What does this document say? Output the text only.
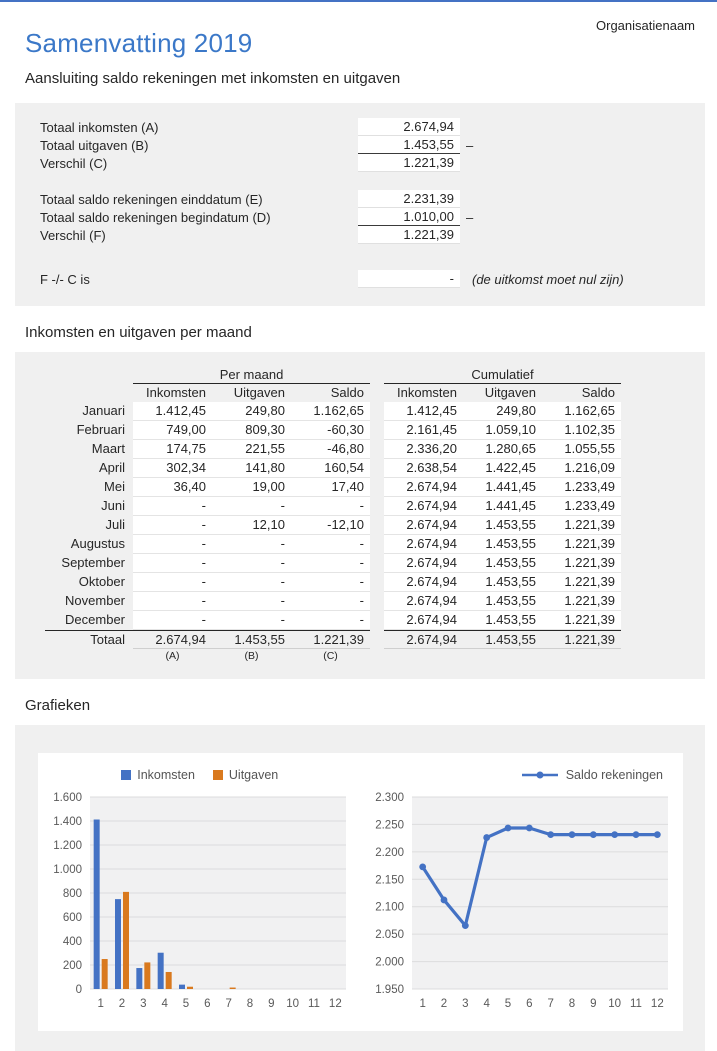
Organisatienaam
Samenvatting 2019
Aansluiting saldo rekeningen met inkomsten en uitgaven
Totaal inkomsten (A)	2.674,94
Totaal uitgaven (B)	1.453,55 –
Verschil (C)	1.221,39
Totaal saldo rekeningen einddatum (E)	2.231,39
Totaal saldo rekeningen begindatum (D)	1.010,00 –
Verschil (F)	1.221,39
F -/- C is	-	(de uitkomst moet nul zijn)
Inkomsten en uitgaven per maand
Per maand	Cumulatief
Inkomsten	Uitgaven	Saldo	Inkomsten	Uitgaven	Saldo
Januari	1.412,45	249,80	1.162,65	1.412,45	249,80	1.162,65
Februari	749,00	809,30	-60,30	2.161,45	1.059,10	1.102,35
Maart	174,75	221,55	-46,80	2.336,20	1.280,65	1.055,55
April	302,34	141,80	160,54	2.638,54	1.422,45	1.216,09
Mei	36,40	19,00	17,40	2.674,94	1.441,45	1.233,49
Juni	-	-	-	2.674,94	1.441,45	1.233,49
Juli	-	12,10	-12,10	2.674,94	1.453,55	1.221,39
Augustus	-	-	-	2.674,94	1.453,55	1.221,39
September	-	-	-	2.674,94	1.453,55	1.221,39
Oktober	-	-	-	2.674,94	1.453,55	1.221,39
November	-	-	-	2.674,94	1.453,55	1.221,39
December	-	-	-	2.674,94	1.453,55	1.221,39
Totaal	2.674,94	1.453,55	1.221,39	2.674,94	1.453,55	1.221,39
(A)	(B)	(C)
Grafieken
Inkomsten	Uitgaven
0
200
400
600
800
1.000
1.200
1.400
1.600
1 2 3 4 5 6 7 8 9 10 11 12
Saldo rekeningen
1.950
2.000
2.050
2.100
2.150
2.200
2.250
2.300
1 2 3 4 5 6 7 8 9 10 11 12
